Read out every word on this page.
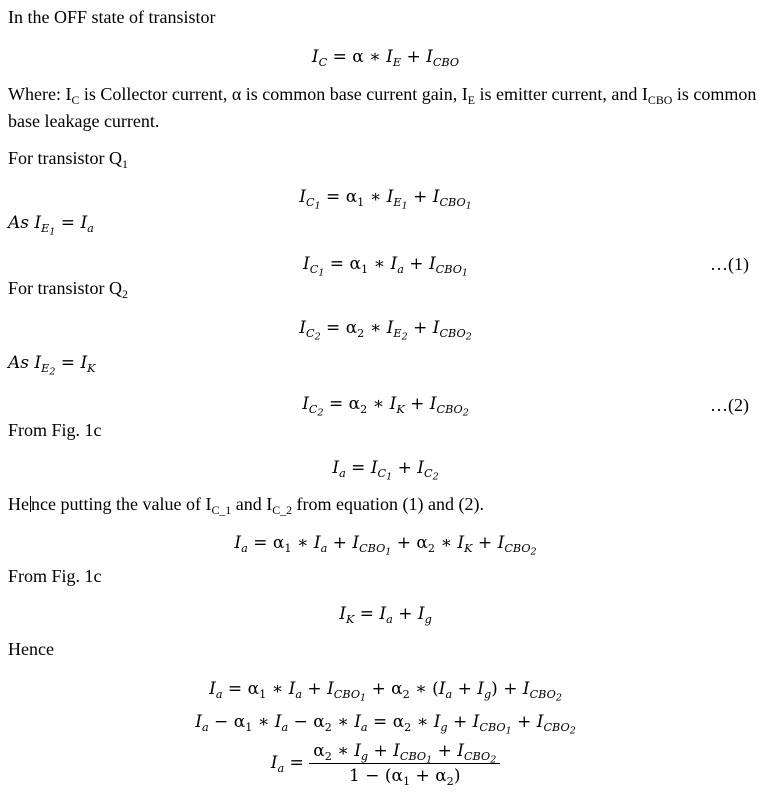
In the OFF state of transistor
$I_C = \alpha$ ∗ $I_E + I_{CBO}$
Where: $I_C$ is Collector current, α is common base current gain, $I_E$ is emitter current, and $I_{CBO}$ is common base leakage current.
For transistor $Q_1$
$I_{C_1} = \alpha_1$ ∗ $I_{E_1} + I_{CBO_1}$
As $I_{E_1} = I_a$
$I_{C_1} = \alpha_1$ ∗ $I_a + I_{CBO_1}$	…(1)
For transistor $Q_2$
$I_{C_2} = \alpha_2$ ∗ $I_{E_2} + I_{CBO_2}$
As $I_{E_2} = I_K$
$I_{C_2} = \alpha_2$ ∗ $I_K + I_{CBO_2}$	…(2)
From Fig. 1c
$I_a = I_{C_1} + I_{C_2}$
He nce putting the value of $I_{C\_1}$ and $I_{C\_2}$ from equation (1) and (2).
$I_a = \alpha_1$ ∗ $I_a + I_{CBO_1} + \alpha_2$ ∗ $I_K + I_{CBO_2}$
From Fig. 1c
$I_K = I_a + I_g$
Hence
$I_a = \alpha_1$ ∗ $I_a + I_{CBO_1} + \alpha_2$ ∗ $(I_a + I_g) + I_{CBO_2}$
$I_a - \alpha_1$ ∗ $I_a - \alpha_2$ ∗ $I_a = \alpha_2$ ∗ $I_g + I_{CBO_1} + I_{CBO_2}$
$I_a = \frac{\alpha_2 ∗ I_g + I_{CBO_1} + I_{CBO_2}}{1 - (\alpha_1 + \alpha_2)}$
